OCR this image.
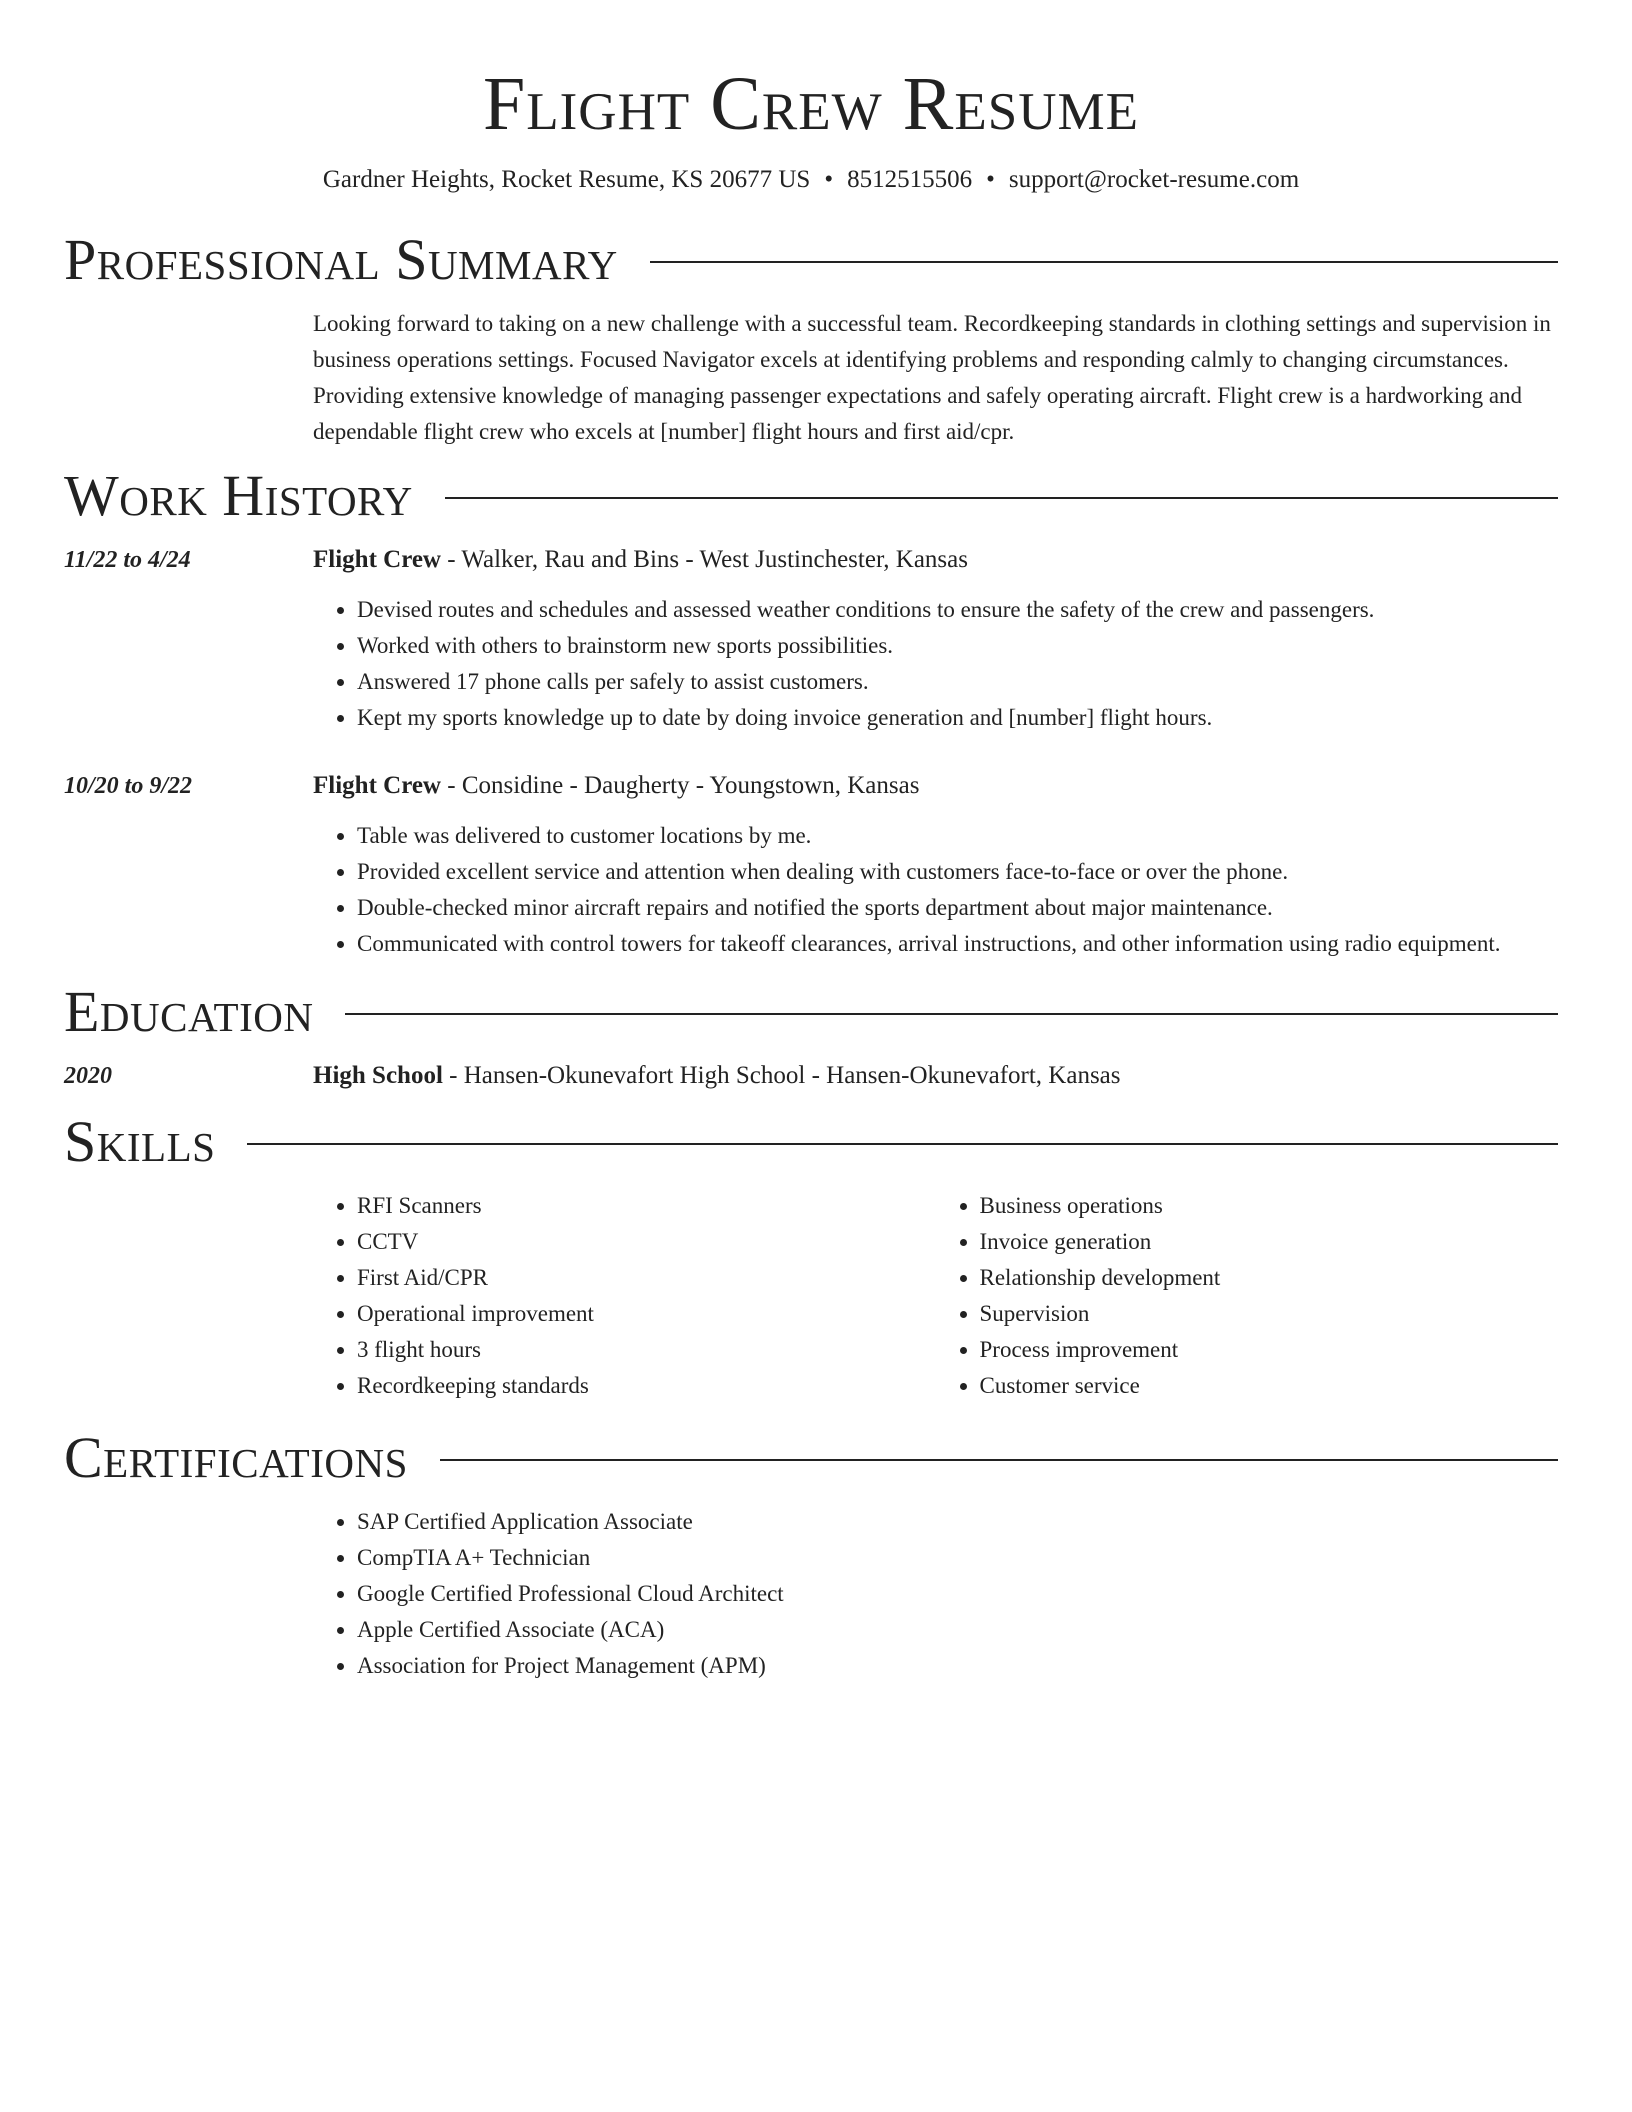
Flight Crew Resume
Gardner Heights, Rocket Resume, KS 20677 US • 8512515506 • support@rocket-resume.com
Professional Summary

Looking forward to taking on a new challenge with a successful team. Recordkeeping standards in clothing settings and supervision in business operations settings. Focused Navigator excels at identifying problems and responding calmly to changing circumstances. Providing extensive knowledge of managing passenger expectations and safely operating aircraft. Flight crew is a hardworking and dependable flight crew who excels at [number] flight hours and first aid/cpr.

Work History
11/22 to 4/24	Flight Crew - Walker, Rau and Bins - West Justinchester, Kansas
• Devised routes and schedules and assessed weather conditions to ensure the safety of the crew and passengers.
• Worked with others to brainstorm new sports possibilities.
• Answered 17 phone calls per safely to assist customers.
• Kept my sports knowledge up to date by doing invoice generation and [number] flight hours.
10/20 to 9/22	Flight Crew - Considine - Daugherty - Youngstown, Kansas
• Table was delivered to customer locations by me.
• Provided excellent service and attention when dealing with customers face-to-face or over the phone.
• Double-checked minor aircraft repairs and notified the sports department about major maintenance.
• Communicated with control towers for takeoff clearances, arrival instructions, and other information using radio equipment.
Education
2020	High School - Hansen-Okunevafort High School - Hansen-Okunevafort, Kansas
Skills
• RFI Scanners
• CCTV
• First Aid/CPR
• Operational improvement
• 3 flight hours
• Recordkeeping standards
• Business operations
• Invoice generation
• Relationship development
• Supervision
• Process improvement
• Customer service
Certifications
• SAP Certified Application Associate
• CompTIA A+ Technician
• Google Certified Professional Cloud Architect
• Apple Certified Associate (ACA)
• Association for Project Management (APM)
